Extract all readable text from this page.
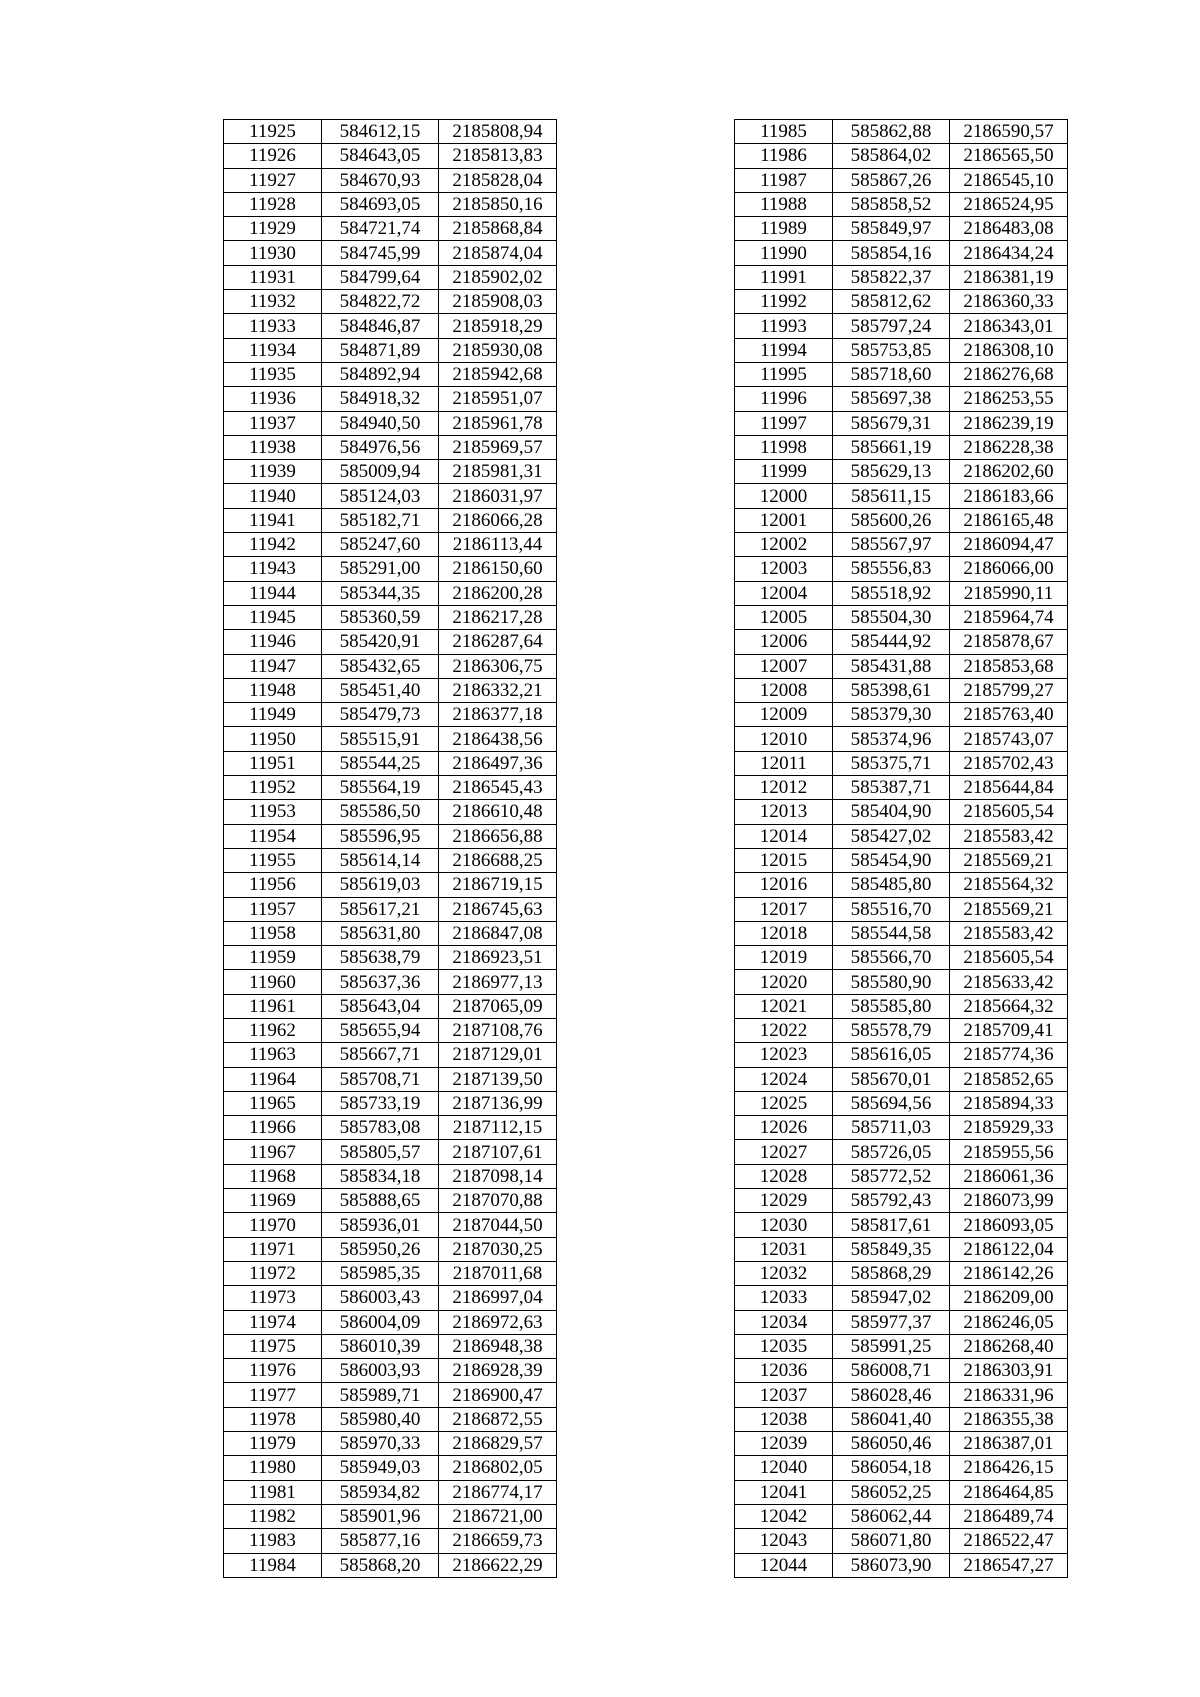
11925	584612,15	2185808,94
11926	584643,05	2185813,83
11927	584670,93	2185828,04
11928	584693,05	2185850,16
11929	584721,74	2185868,84
11930	584745,99	2185874,04
11931	584799,64	2185902,02
11932	584822,72	2185908,03
11933	584846,87	2185918,29
11934	584871,89	2185930,08
11935	584892,94	2185942,68
11936	584918,32	2185951,07
11937	584940,50	2185961,78
11938	584976,56	2185969,57
11939	585009,94	2185981,31
11940	585124,03	2186031,97
11941	585182,71	2186066,28
11942	585247,60	2186113,44
11943	585291,00	2186150,60
11944	585344,35	2186200,28
11945	585360,59	2186217,28
11946	585420,91	2186287,64
11947	585432,65	2186306,75
11948	585451,40	2186332,21
11949	585479,73	2186377,18
11950	585515,91	2186438,56
11951	585544,25	2186497,36
11952	585564,19	2186545,43
11953	585586,50	2186610,48
11954	585596,95	2186656,88
11955	585614,14	2186688,25
11956	585619,03	2186719,15
11957	585617,21	2186745,63
11958	585631,80	2186847,08
11959	585638,79	2186923,51
11960	585637,36	2186977,13
11961	585643,04	2187065,09
11962	585655,94	2187108,76
11963	585667,71	2187129,01
11964	585708,71	2187139,50
11965	585733,19	2187136,99
11966	585783,08	2187112,15
11967	585805,57	2187107,61
11968	585834,18	2187098,14
11969	585888,65	2187070,88
11970	585936,01	2187044,50
11971	585950,26	2187030,25
11972	585985,35	2187011,68
11973	586003,43	2186997,04
11974	586004,09	2186972,63
11975	586010,39	2186948,38
11976	586003,93	2186928,39
11977	585989,71	2186900,47
11978	585980,40	2186872,55
11979	585970,33	2186829,57
11980	585949,03	2186802,05
11981	585934,82	2186774,17
11982	585901,96	2186721,00
11983	585877,16	2186659,73
11984	585868,20	2186622,29
11985	585862,88	2186590,57
11986	585864,02	2186565,50
11987	585867,26	2186545,10
11988	585858,52	2186524,95
11989	585849,97	2186483,08
11990	585854,16	2186434,24
11991	585822,37	2186381,19
11992	585812,62	2186360,33
11993	585797,24	2186343,01
11994	585753,85	2186308,10
11995	585718,60	2186276,68
11996	585697,38	2186253,55
11997	585679,31	2186239,19
11998	585661,19	2186228,38
11999	585629,13	2186202,60
12000	585611,15	2186183,66
12001	585600,26	2186165,48
12002	585567,97	2186094,47
12003	585556,83	2186066,00
12004	585518,92	2185990,11
12005	585504,30	2185964,74
12006	585444,92	2185878,67
12007	585431,88	2185853,68
12008	585398,61	2185799,27
12009	585379,30	2185763,40
12010	585374,96	2185743,07
12011	585375,71	2185702,43
12012	585387,71	2185644,84
12013	585404,90	2185605,54
12014	585427,02	2185583,42
12015	585454,90	2185569,21
12016	585485,80	2185564,32
12017	585516,70	2185569,21
12018	585544,58	2185583,42
12019	585566,70	2185605,54
12020	585580,90	2185633,42
12021	585585,80	2185664,32
12022	585578,79	2185709,41
12023	585616,05	2185774,36
12024	585670,01	2185852,65
12025	585694,56	2185894,33
12026	585711,03	2185929,33
12027	585726,05	2185955,56
12028	585772,52	2186061,36
12029	585792,43	2186073,99
12030	585817,61	2186093,05
12031	585849,35	2186122,04
12032	585868,29	2186142,26
12033	585947,02	2186209,00
12034	585977,37	2186246,05
12035	585991,25	2186268,40
12036	586008,71	2186303,91
12037	586028,46	2186331,96
12038	586041,40	2186355,38
12039	586050,46	2186387,01
12040	586054,18	2186426,15
12041	586052,25	2186464,85
12042	586062,44	2186489,74
12043	586071,80	2186522,47
12044	586073,90	2186547,27
